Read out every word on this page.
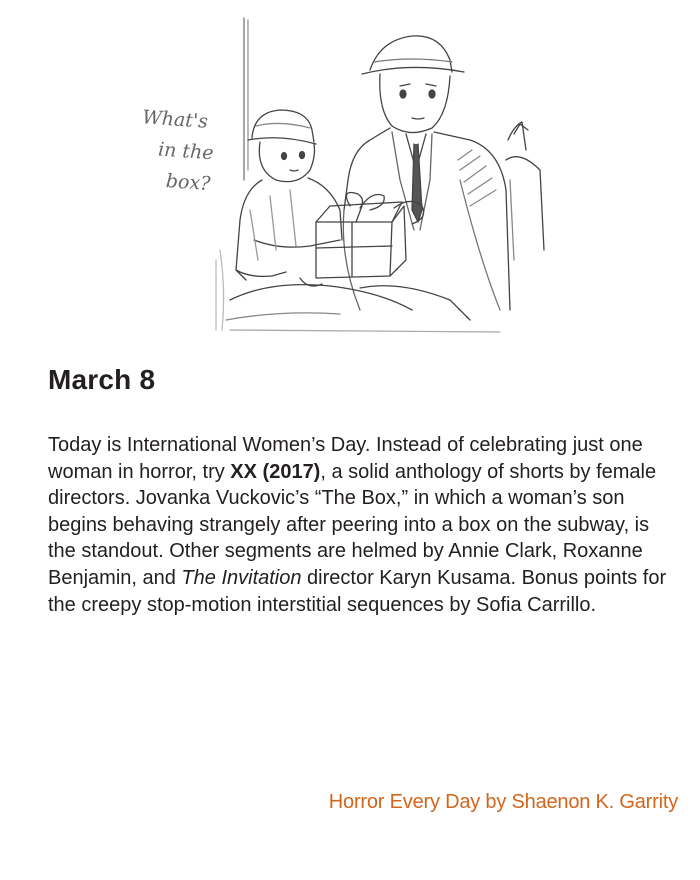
What's
in the
box?
March 8

Today is International Women’s Day. Instead of celebrating just one woman in horror, try XX (2017), a solid anthology of shorts by female directors. Jovanka Vuckovic’s “The Box,” in which a woman’s son begins behaving strangely after peering into a box on the subway, is the standout. Other segments are helmed by Annie Clark, Roxanne Benjamin, and The Invitation director Karyn Kusama. Bonus points for the creepy stop-motion interstitial sequences by Sofia Carrillo.

Horror Every Day by Shaenon K. Garrity
